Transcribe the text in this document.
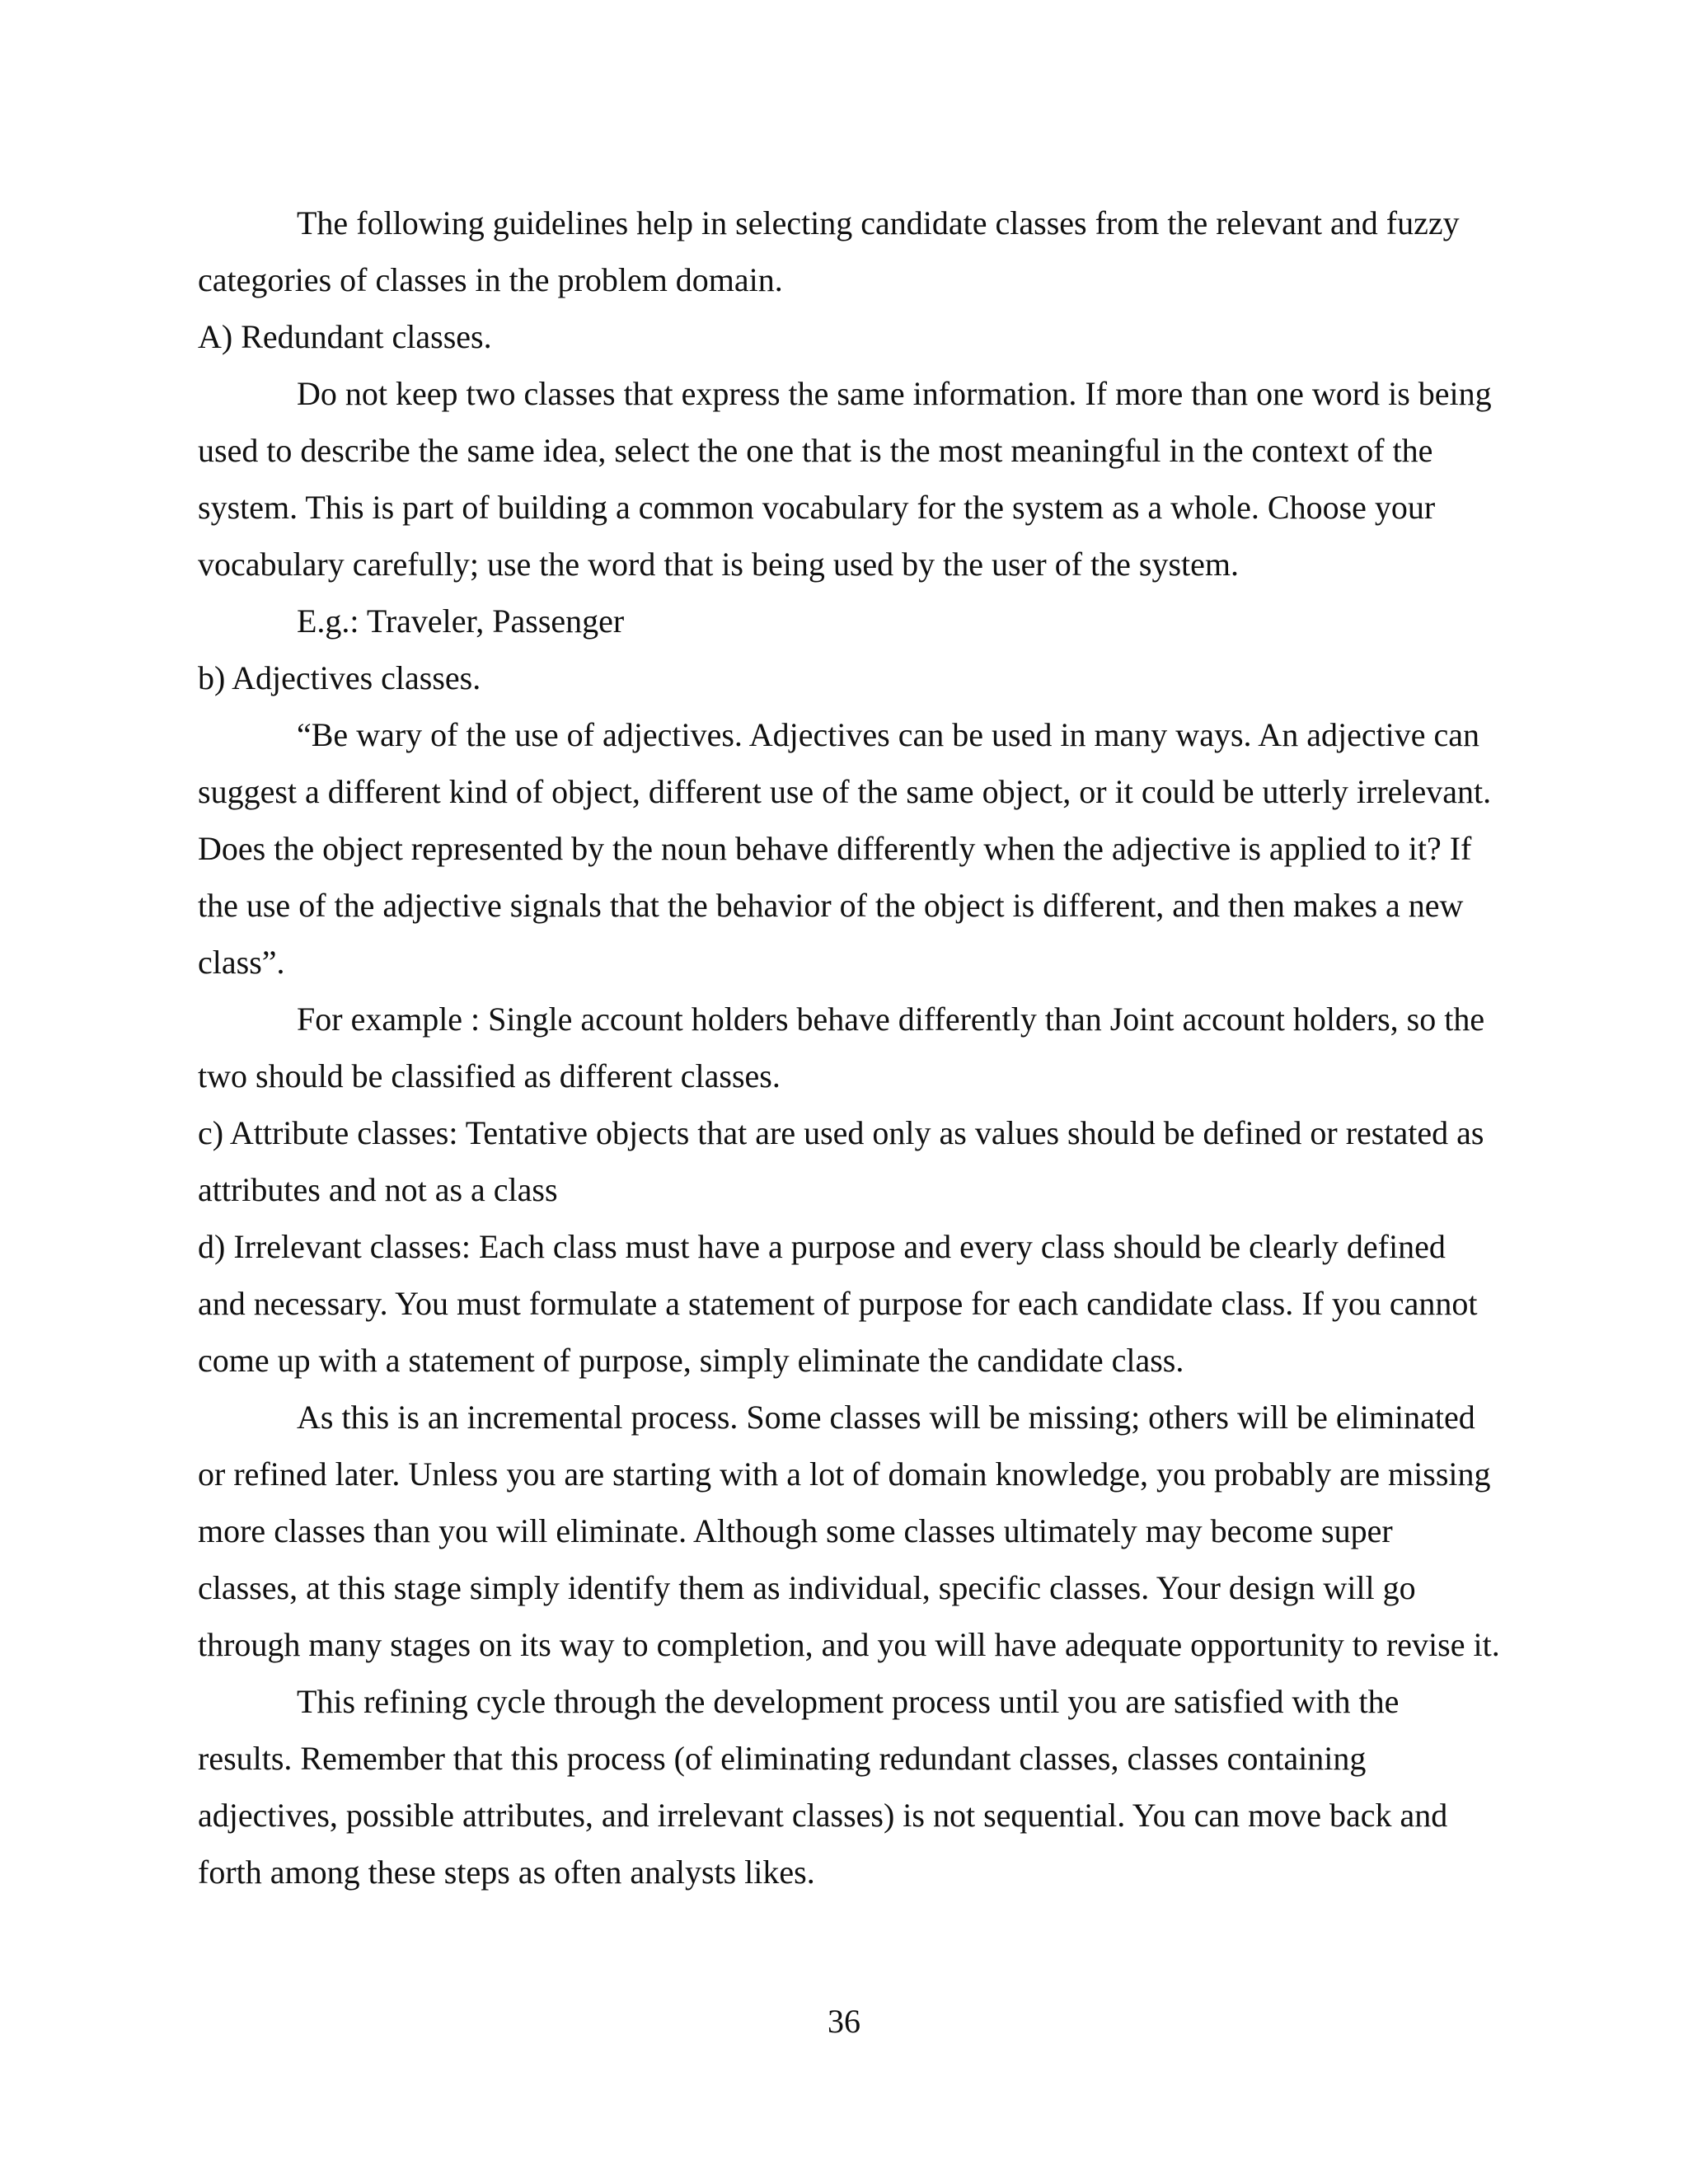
The following guidelines help in selecting candidate classes from the relevant and fuzzy categories of classes in the problem domain.

A) Redundant classes.

Do not keep two classes that express the same information. If more than one word is being used to describe the same idea, select the one that is the most meaningful in the context of the system. This is part of building a common vocabulary for the system as a whole. Choose your vocabulary carefully; use the word that is being used by the user of the system.

E.g.: Traveler, Passenger

b) Adjectives classes.

“Be wary of the use of adjectives. Adjectives can be used in many ways. An adjective can suggest a different kind of object, different use of the same object, or it could be utterly irrelevant. Does the object represented by the noun behave differently when the adjective is applied to it? If the use of the adjective signals that the behavior of the object is different, and then makes a new class”.

For example : Single account holders behave differently than Joint account holders, so the two should be classified as different classes.

c) Attribute classes: Tentative objects that are used only as values should be defined or restated as attributes and not as a class

d) Irrelevant classes: Each class must have a purpose and every class should be clearly defined and necessary. You must formulate a statement of purpose for each candidate class. If you cannot come up with a statement of purpose, simply eliminate the candidate class.

As this is an incremental process. Some classes will be missing; others will be eliminated or refined later. Unless you are starting with a lot of domain knowledge, you probably are missing more classes than you will eliminate. Although some classes ultimately may become super classes, at this stage simply identify them as individual, specific classes. Your design will go through many stages on its way to completion, and you will have adequate opportunity to revise it.

This refining cycle through the development process until you are satisfied with the results. Remember that this process (of eliminating redundant classes, classes containing adjectives, possible attributes, and irrelevant classes) is not sequential. You can move back and forth among these steps as often analysts likes.

36
